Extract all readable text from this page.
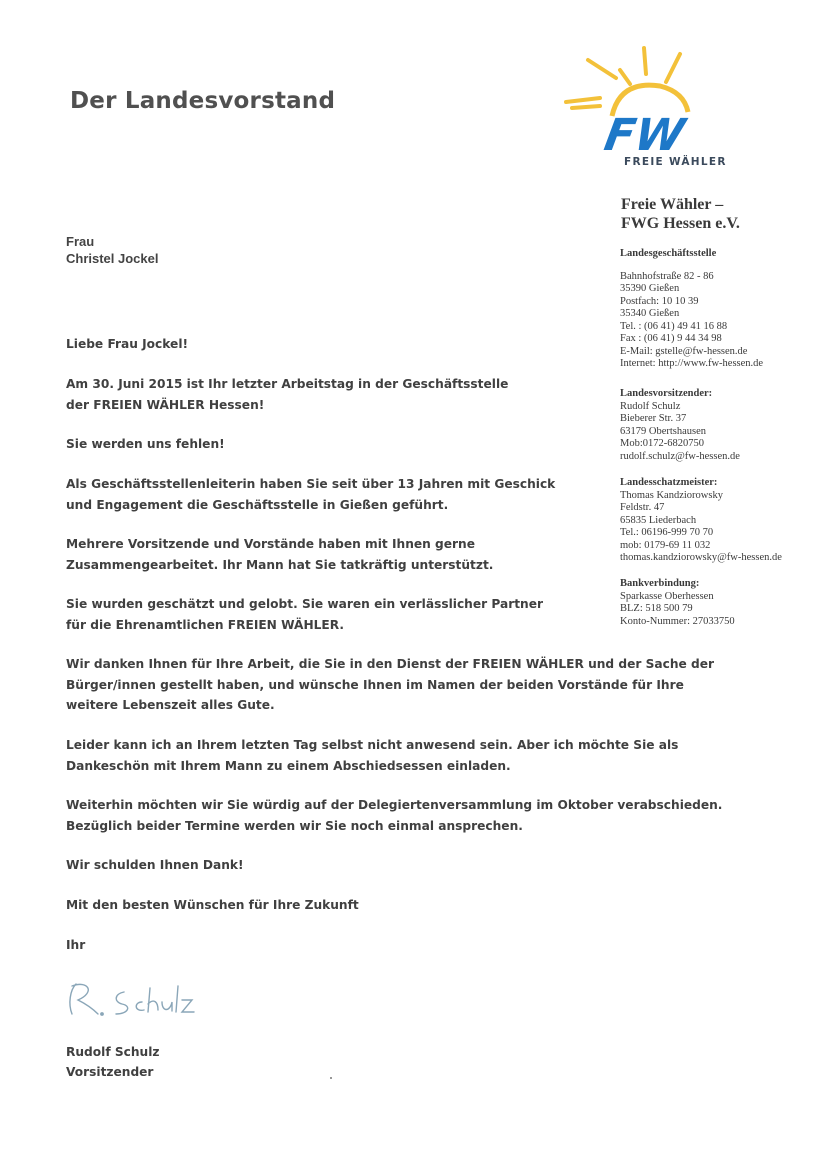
Der Landesvorstand
FW
FREIE WÄHLER
Freie Wähler –
FWG Hessen e.V.
Landesgeschäftsstelle
Bahnhofstraße 82 - 86
35390 Gießen
Postfach: 10 10 39
35340 Gießen
Tel. : (06 41) 49 41 16 88
Fax : (06 41) 9 44 34 98
E-Mail: gstelle@fw-hessen.de
Internet: http://www.fw-hessen.de
Landesvorsitzender:
Rudolf Schulz
Bieberer Str. 37
63179 Obertshausen
Mob:0172-6820750
rudolf.schulz@fw-hessen.de
Landesschatzmeister:
Thomas Kandziorowsky
Feldstr. 47
65835 Liederbach
Tel.: 06196-999 70 70
mob: 0179-69 11 032
thomas.kandziorowsky@fw-hessen.de
Bankverbindung:
Sparkasse Oberhessen
BLZ: 518 500 79
Konto-Nummer: 27033750
Frau
Christel Jockel
Liebe Frau Jockel!
Am 30. Juni 2015 ist Ihr letzter Arbeitstag in der Geschäftsstelle
der FREIEN WÄHLER Hessen!
Sie werden uns fehlen!
Als Geschäftsstellenleiterin haben Sie seit über 13 Jahren mit Geschick
und Engagement die Geschäftsstelle in Gießen geführt.
Mehrere Vorsitzende und Vorstände haben mit Ihnen gerne
Zusammengearbeitet. Ihr Mann hat Sie tatkräftig unterstützt.
Sie wurden geschätzt und gelobt. Sie waren ein verlässlicher Partner
für die Ehrenamtlichen FREIEN WÄHLER.
Wir danken Ihnen für Ihre Arbeit, die Sie in den Dienst der FREIEN WÄHLER und der Sache der
Bürger/innen gestellt haben, und wünsche Ihnen im Namen der beiden Vorstände für Ihre
weitere Lebenszeit alles Gute.
Leider kann ich an Ihrem letzten Tag selbst nicht anwesend sein. Aber ich möchte Sie als
Dankeschön mit Ihrem Mann zu einem Abschiedsessen einladen.
Weiterhin möchten wir Sie würdig auf der Delegiertenversammlung im Oktober verabschieden.
Bezüglich beider Termine werden wir Sie noch einmal ansprechen.
Wir schulden Ihnen Dank!
Mit den besten Wünschen für Ihre Zukunft
Ihr
Rudolf Schulz
Vorsitzender
